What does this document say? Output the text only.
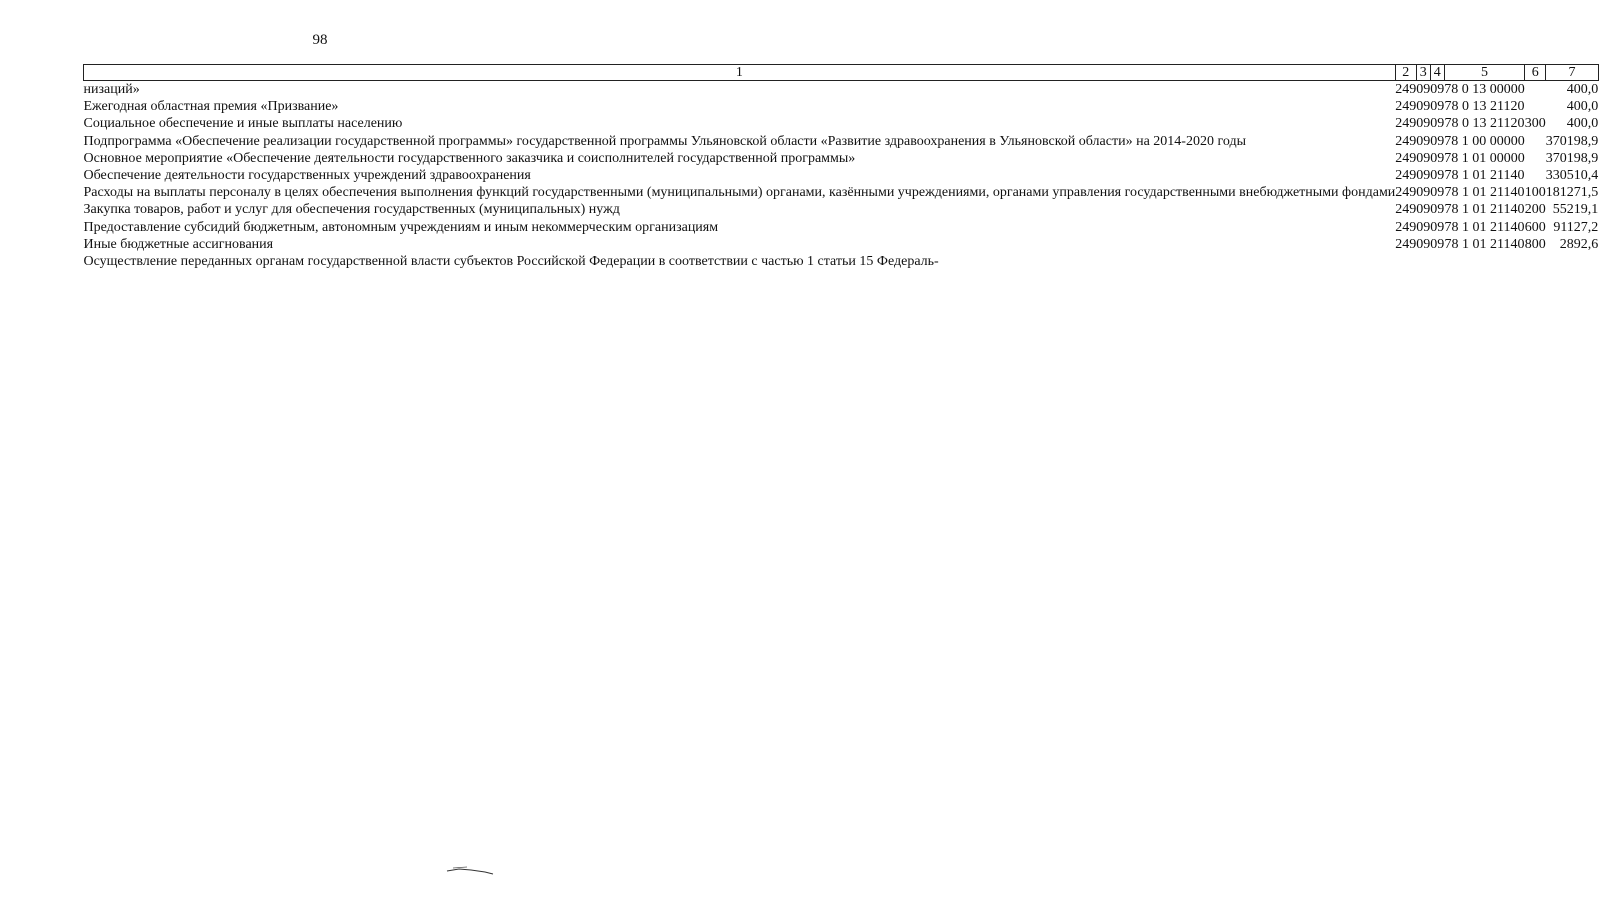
98
1	2	3	4	5	6	7
низаций»	249	09	09	78 0 13 00000		400,0
Ежегодная областная премия «Призвание»	249	09	09	78 0 13 21120		400,0
Социальное обеспечение и иные выплаты населению	249	09	09	78 0 13 21120	300	400,0
Подпрограмма «Обеспечение реализации государственной программы» государственной программы Ульяновской области «Развитие здравоохранения в Ульяновской области» на 2014-2020 годы	249	09	09	78 1 00 00000		370198,9
Основное мероприятие «Обеспечение деятельности государственного заказчика и соисполнителей государственной программы»	249	09	09	78 1 01 00000		370198,9
Обеспечение деятельности государственных учреждений здравоохранения	249	09	09	78 1 01 21140		330510,4
Расходы на выплаты персоналу в целях обеспечения выполнения функций государственными (муниципальными) органами, казёнными учреждениями, органами управления государственными внебюджетными фондами	249	09	09	78 1 01 21140	100	181271,5
Закупка товаров, работ и услуг для обеспечения государственных (муниципальных) нужд	249	09	09	78 1 01 21140	200	55219,1
Предоставление субсидий бюджетным, автономным учреждениям и иным некоммерческим организациям	249	09	09	78 1 01 21140	600	91127,2
Иные бюджетные ассигнования	249	09	09	78 1 01 21140	800	2892,6
Осуществление переданных органам государственной власти субъектов Российской Федерации в соответствии с частью 1 статьи 15 Федераль-						
